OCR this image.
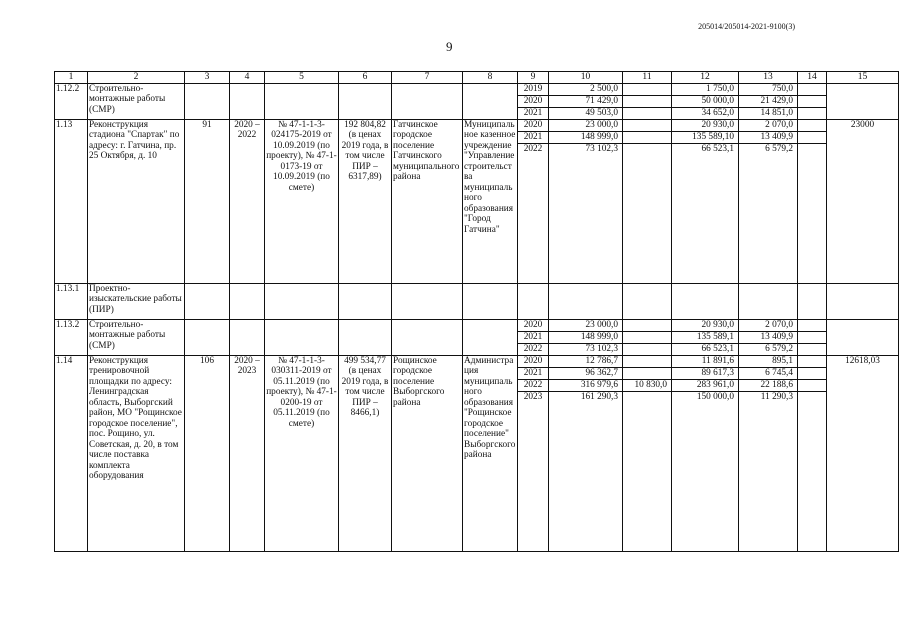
205014/205014-2021-9100(3)
9
1	2	3	4	5	6	7	8	9	10	11	12	13	14	15
1.12.2	Строительно-монтажные работы (СМР)							2019	2 500,0		1 750,0	750,0		
								2020	71 429,0		50 000,0	21 429,0		
								2021	49 503,0		34 652,0	14 851,0		
1.13	Реконструкция стадиона "Спартак" по адресу: г. Гатчина, пр. 25 Октября, д. 10	91	2020 – 2022	№ 47-1-1-3-024175-2019 от 10.09.2019 (по проекту), № 47-1-0173-19 от 10.09.2019 (по смете)	192 804,82 (в ценах 2019 года, в том числе ПИР – 6317,89)	Гатчинское городское поселение Гатчинского муниципального района	Муниципальное казенное учреждение "Управление строительства муниципального образования "Город Гатчина"	2020	23 000,0		20 930,0	2 070,0		23000
								2021	148 999,0		135 589,10	13 409,9		
								2022	73 102,3		66 523,1	6 579,2		
1.13.1	Проектно-изыскательские работы (ПИР)													
1.13.2	Строительно-монтажные работы (СМР)							2020	23 000,0		20 930,0	2 070,0		
								2021	148 999,0		135 589,1	13 409,9		
								2022	73 102,3		66 523,1	6 579,2		
1.14	Реконструкция тренировочной площадки по адресу: Ленинградская область, Выборгский район, МО "Рощинское городское поселение", пос. Рощино, ул. Советская, д. 20, в том числе поставка комплекта оборудования	106	2020 – 2023	№ 47-1-1-3-030311-2019 от 05.11.2019 (по проекту), № 47-1-0200-19 от 05.11.2019 (по смете)	499 534,77 (в ценах 2019 года, в том числе ПИР – 8466,1)	Рощинское городское поселение Выборгского района	Администрация муниципального образования "Рощинское городское поселение" Выборгского района	2020	12 786,7		11 891,6	895,1		12618,03
								2021	96 362,7		89 617,3	6 745,4		
								2022	316 979,6	10 830,0	283 961,0	22 188,6		
								2023	161 290,3		150 000,0	11 290,3		
